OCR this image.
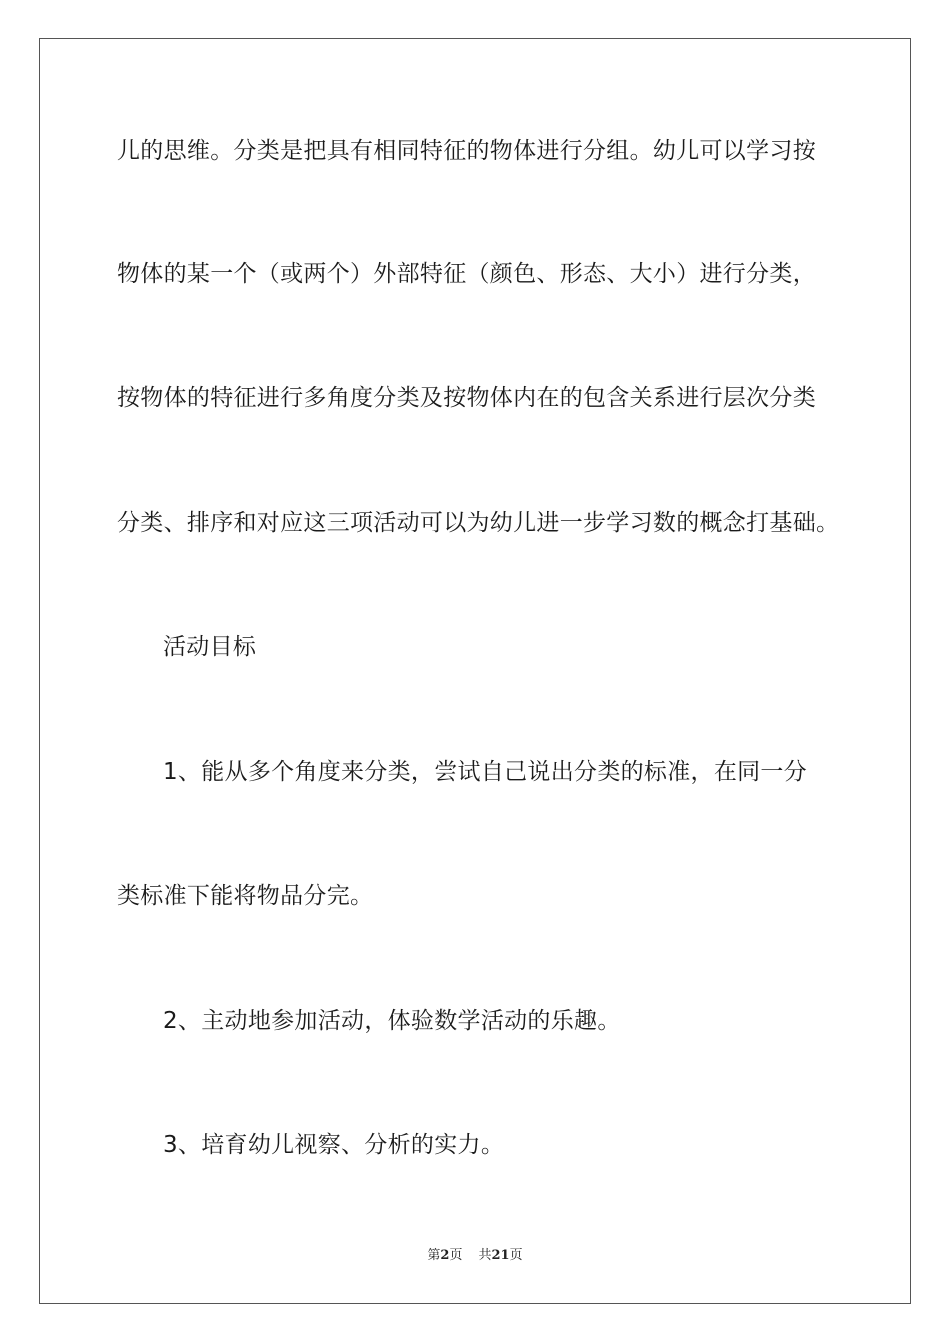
儿的思维。分类是把具有相同特征的物体进行分组。幼儿可以学习按
物体的某一个（或两个）外部特征（颜色、形态、大小）进行分类，
按物体的特征进行多角度分类及按物体内在的包含关系进行层次分类
分类、排序和对应这三项活动可以为幼儿进一步学习数的概念打基础。
活动目标
1、能从多个角度来分类，尝试自己说出分类的标准，在同一分
类标准下能将物品分完。
2、主动地参加活动，体验数学活动的乐趣。
3、培育幼儿视察、分析的实力。
第2页 共21页
